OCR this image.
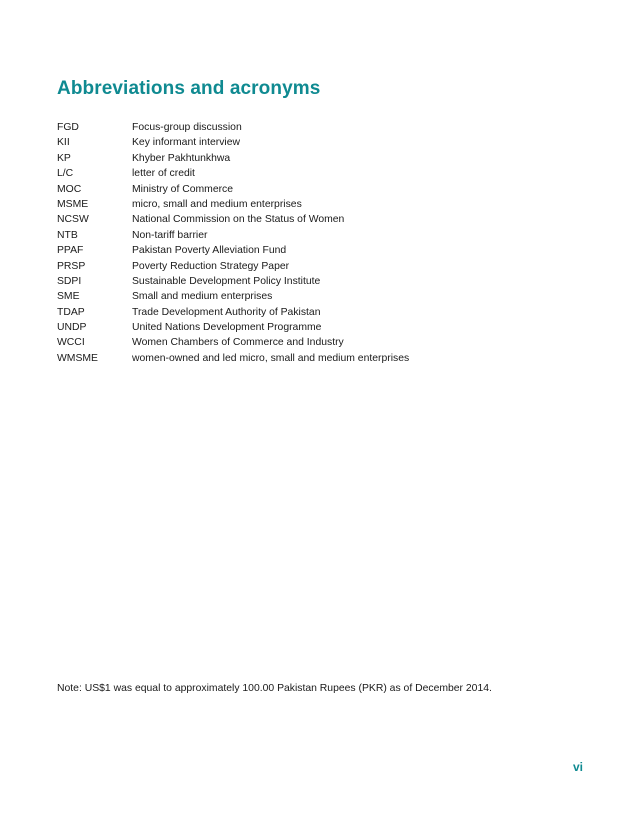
Abbreviations and acronyms
FGD	Focus-group discussion
KII	Key informant interview
KP	Khyber Pakhtunkhwa
L/C	letter of credit
MOC	Ministry of Commerce
MSME	micro, small and medium enterprises
NCSW	National Commission on the Status of Women
NTB	Non-tariff barrier
PPAF	Pakistan Poverty Alleviation Fund
PRSP	Poverty Reduction Strategy Paper
SDPI	Sustainable Development Policy Institute
SME	Small and medium enterprises
TDAP	Trade Development Authority of Pakistan
UNDP	United Nations Development Programme
WCCI	Women Chambers of Commerce and Industry
WMSME	women-owned and led micro, small and medium enterprises

Note: US$1 was equal to approximately 100.00 Pakistan Rupees (PKR) as of December 2014.

vi
